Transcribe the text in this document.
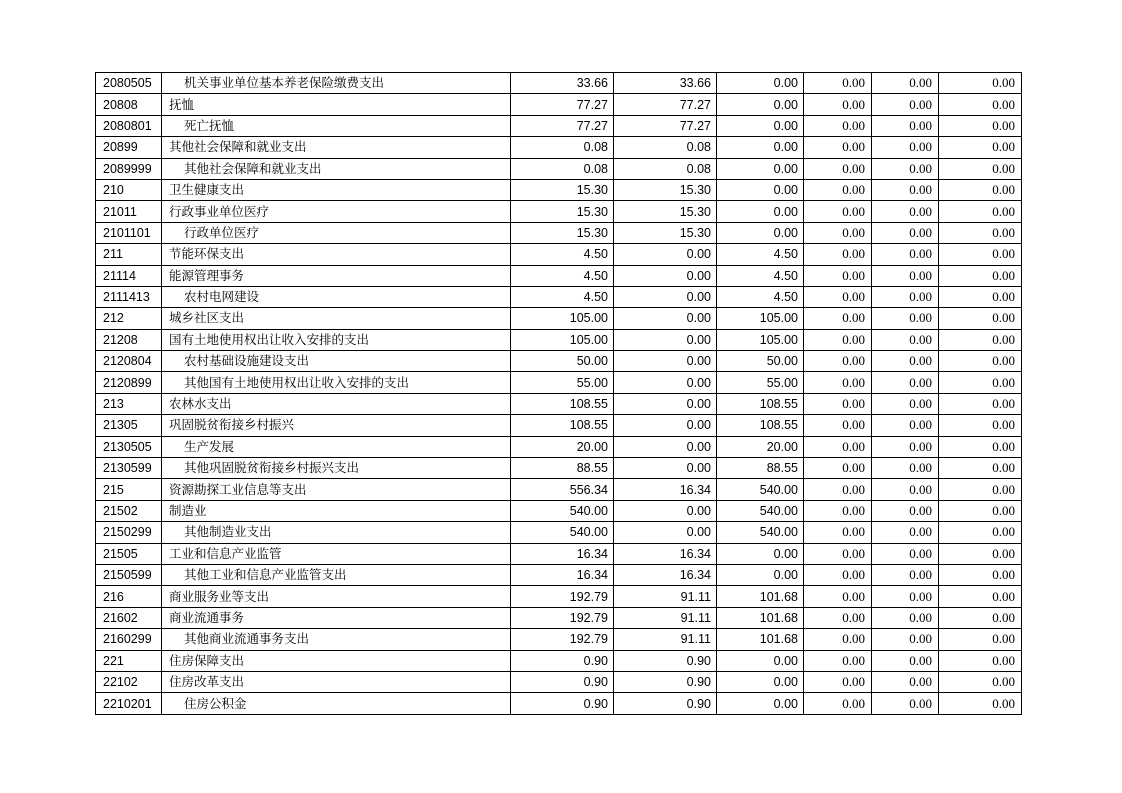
2080505	机关事业单位基本养老保险缴费支出	33.66	33.66	0.00	0.00	0.00	0.00
20808	抚恤	77.27	77.27	0.00	0.00	0.00	0.00
2080801	死亡抚恤	77.27	77.27	0.00	0.00	0.00	0.00
20899	其他社会保障和就业支出	0.08	0.08	0.00	0.00	0.00	0.00
2089999	其他社会保障和就业支出	0.08	0.08	0.00	0.00	0.00	0.00
210	卫生健康支出	15.30	15.30	0.00	0.00	0.00	0.00
21011	行政事业单位医疗	15.30	15.30	0.00	0.00	0.00	0.00
2101101	行政单位医疗	15.30	15.30	0.00	0.00	0.00	0.00
211	节能环保支出	4.50	0.00	4.50	0.00	0.00	0.00
21114	能源管理事务	4.50	0.00	4.50	0.00	0.00	0.00
2111413	农村电网建设	4.50	0.00	4.50	0.00	0.00	0.00
212	城乡社区支出	105.00	0.00	105.00	0.00	0.00	0.00
21208	国有土地使用权出让收入安排的支出	105.00	0.00	105.00	0.00	0.00	0.00
2120804	农村基础设施建设支出	50.00	0.00	50.00	0.00	0.00	0.00
2120899	其他国有土地使用权出让收入安排的支出	55.00	0.00	55.00	0.00	0.00	0.00
213	农林水支出	108.55	0.00	108.55	0.00	0.00	0.00
21305	巩固脱贫衔接乡村振兴	108.55	0.00	108.55	0.00	0.00	0.00
2130505	生产发展	20.00	0.00	20.00	0.00	0.00	0.00
2130599	其他巩固脱贫衔接乡村振兴支出	88.55	0.00	88.55	0.00	0.00	0.00
215	资源勘探工业信息等支出	556.34	16.34	540.00	0.00	0.00	0.00
21502	制造业	540.00	0.00	540.00	0.00	0.00	0.00
2150299	其他制造业支出	540.00	0.00	540.00	0.00	0.00	0.00
21505	工业和信息产业监管	16.34	16.34	0.00	0.00	0.00	0.00
2150599	其他工业和信息产业监管支出	16.34	16.34	0.00	0.00	0.00	0.00
216	商业服务业等支出	192.79	91.11	101.68	0.00	0.00	0.00
21602	商业流通事务	192.79	91.11	101.68	0.00	0.00	0.00
2160299	其他商业流通事务支出	192.79	91.11	101.68	0.00	0.00	0.00
221	住房保障支出	0.90	0.90	0.00	0.00	0.00	0.00
22102	住房改革支出	0.90	0.90	0.00	0.00	0.00	0.00
2210201	住房公积金	0.90	0.90	0.00	0.00	0.00	0.00
